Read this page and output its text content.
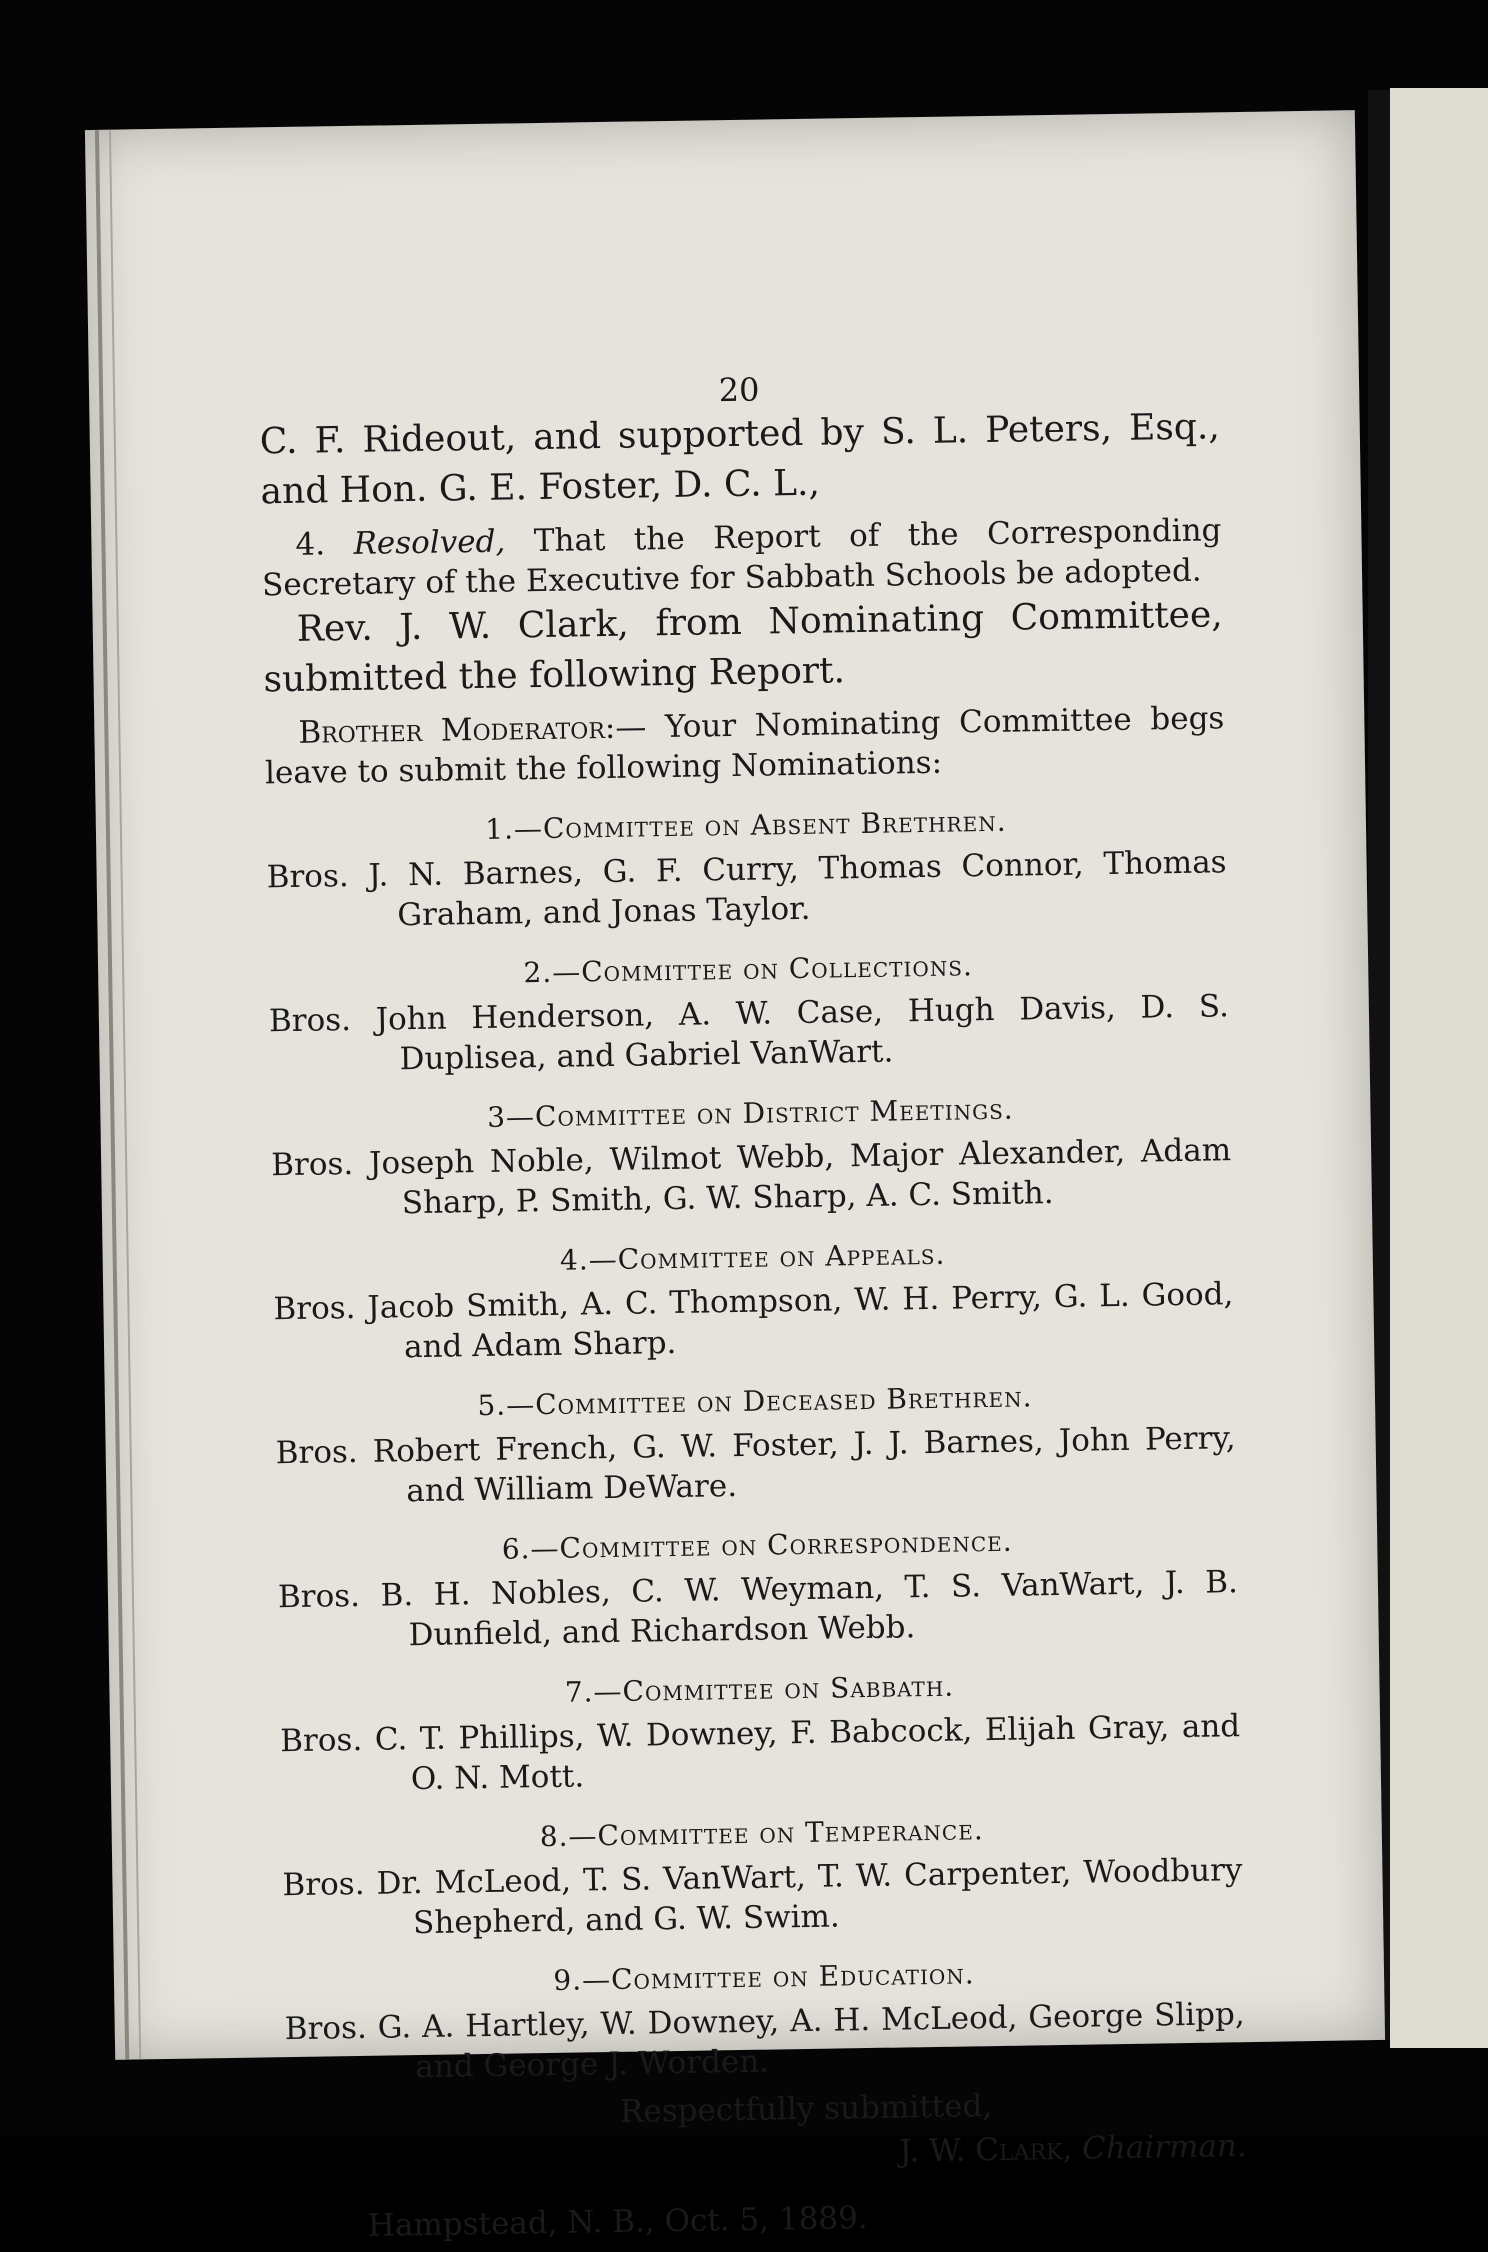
20

C. F. Rideout, and supported by S. L. Peters, Esq., and Hon. G. E. Foster, D. C. L.,

4. Resolved, That the Report of the Corresponding Secretary of the Executive for Sabbath Schools be adopted.

Rev. J. W. Clark, from Nominating Committee, submitted the following Report.

Brother Moderator:— Your Nominating Committee begs leave to submit the following Nominations:

1.—Committee on Absent Brethren.

Bros. J. N. Barnes, G. F. Curry, Thomas Connor, Thomas Graham, and Jonas Taylor.

2.—Committee on Collections.

Bros. John Henderson, A. W. Case, Hugh Davis, D. S. Duplisea, and Gabriel VanWart.

3—Committee on District Meetings.

Bros. Joseph Noble, Wilmot Webb, Major Alexander, Adam Sharp, P. Smith, G. W. Sharp, A. C. Smith.

4.—Committee on Appeals.

Bros. Jacob Smith, A. C. Thompson, W. H. Perry, G. L. Good, and Adam Sharp.

5.—Committee on Deceased Brethren.

Bros. Robert French, G. W. Foster, J. J. Barnes, John Perry, and William DeWare.

6.—Committee on Correspondence.

Bros. B. H. Nobles, C. W. Weyman, T. S. VanWart, J. B. Dunfield, and Richardson Webb.

7.—Committee on Sabbath.

Bros. C. T. Phillips, W. Downey, F. Babcock, Elijah Gray, and O. N. Mott.

8.—Committee on Temperance.

Bros. Dr. McLeod, T. S. VanWart, T. W. Carpenter, Woodbury Shepherd, and G. W. Swim.

9.—Committee on Education.

Bros. G. A. Hartley, W. Downey, A. H. McLeod, George Slipp, and George J. Worden.

Respectfully submitted,
J. W. Clark, Chairman.
Hampstead, N. B., Oct. 5, 1889.
